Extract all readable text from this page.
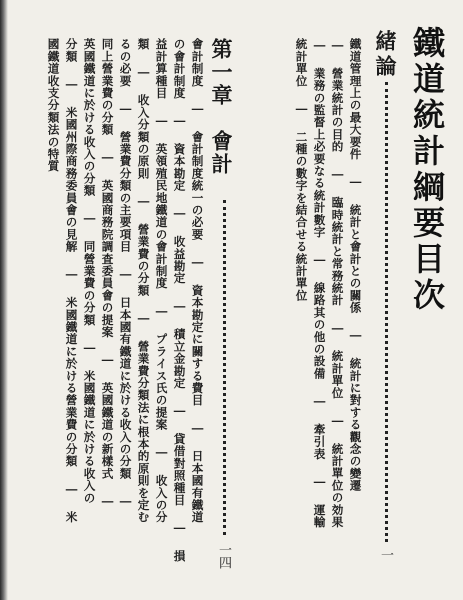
鐵道統計綱要目次
緒論
一
鐵道管理上の最大要件 ― 統計と會計との關係 ― 統計に對する觀念の變遷
― 營業統計の目的 ― 臨時統計と常務統計 ― 統計單位 ― 統計單位の効果
― 業務の監督上必要なる統計數字 ― 線路其の他の設備 ― 牽引表 ― 運輸
統計單位 ― 二種の數字を結合せる統計單位
第一章　會計
一四
會計制度 ― 會計制度統一の必要 ― 資本勘定に關する費目 ― 日本國有鐵道
の會計制度 ― 資本勘定 ― 收益勘定 ― 積立金勘定 ― 貸借對照種目 ― 損
益計算種目 ― 英領殖民地鐵道の會計制度 ― プライス氏の提案 ― 收入の分
類 ― 收入分類の原則 ― 營業費の分類 ― 營業費分類法に根本的原則を定む
るの必要 ― 營業費分類の主要項目 ― 日本國有鐵道に於ける收入の分類 ―
同上營業費の分類 ― 英國商務院調査委員會の提案 ― 英國鐵道の新樣式 ―
英國鐵道に於ける收入の分類 ― 同營業費の分類 ― 米國鐵道に於ける收入の
分類 ― 米國州際商務委員會の見解 ― 米國鐵道に於ける營業費の分類 ― 米
國鐵道收支分類法の特質
